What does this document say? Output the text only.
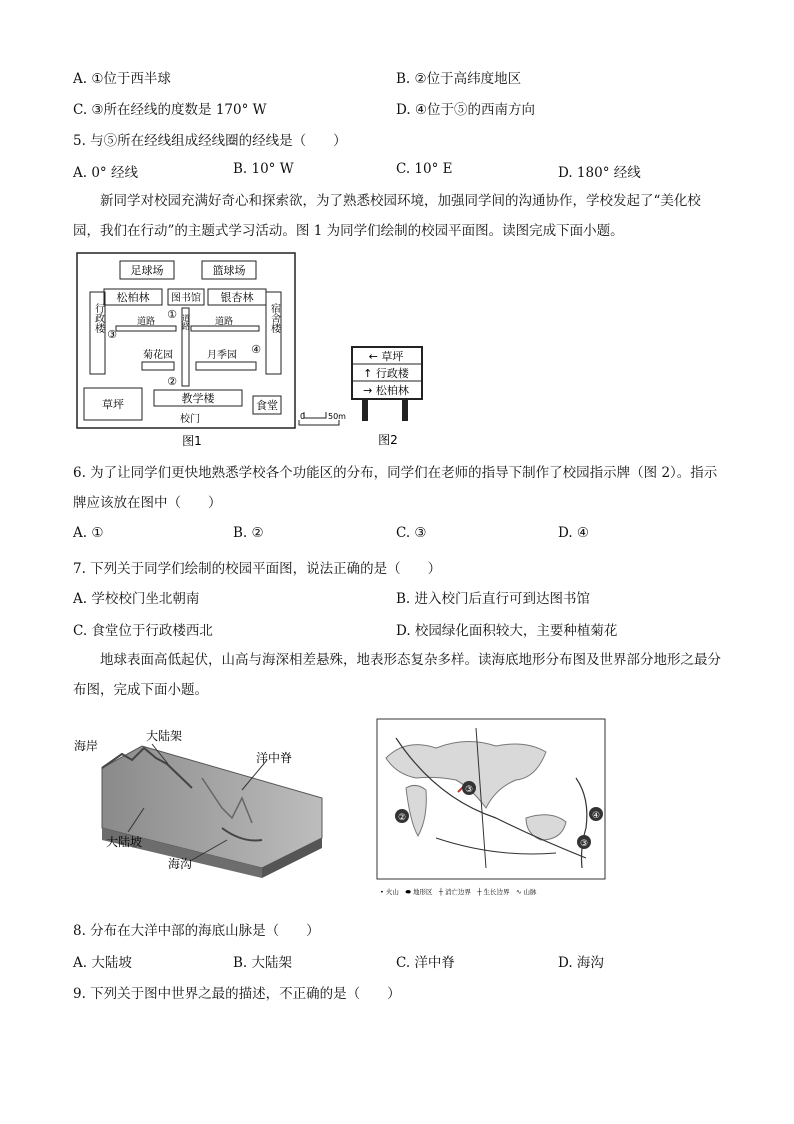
A. ①位于西半球	B. ②位于高纬度地区
C. ③所在经线的度数是 170° W	D. ④位于⑤的西南方向
5. 与⑤所在经线组成经线圈的经线是（　　）
A. 0° 经线	B. 10° W	C. 10° E	D. 180° 经线
新同学对校园充满好奇心和探索欲，为了熟悉校园环境，加强同学间的沟通协作，学校发起了“美化校园，我们在行动”的主题式学习活动。图 1 为同学们绘制的校园平面图。读图完成下面小题。
足球场	篮球场
松柏林 图书馆 银杏林
行政楼	宿舍楼
道路	道路
道路
菊花园	月季园
①
②
③
④
草坪	教学楼
食堂
校门
图1
0	50m
← 草坪
↑ 行政楼
→ 松柏林
图2
6. 为了让同学们更快地熟悉学校各个功能区的分布，同学们在老师的指导下制作了校园指示牌（图 2）。指示牌应该放在图中（　　）
A. ①	B. ②	C. ③	D. ④
7. 下列关于同学们绘制的校园平面图，说法正确的是（　　）
A. 学校校门坐北朝南	B. 进入校门后直行可到达图书馆
C. 食堂位于行政楼西北	D. 校园绿化面积较大，主要种植菊花
地球表面高低起伏，山高与海深相差悬殊，地表形态复杂多样。读海底地形分布图及世界部分地形之最分布图，完成下面小题。
海岸
大陆架
洋中脊
大陆坡
海沟
③
②	④
③
• 火山　⬬ 地形区　┼ 消亡边界　┼ 生长边界　∿ 山脉
8. 分布在大洋中部的海底山脉是（　　）
A. 大陆坡	B. 大陆架	C. 洋中脊	D. 海沟
9. 下列关于图中世界之最的描述，不正确的是（　　）
